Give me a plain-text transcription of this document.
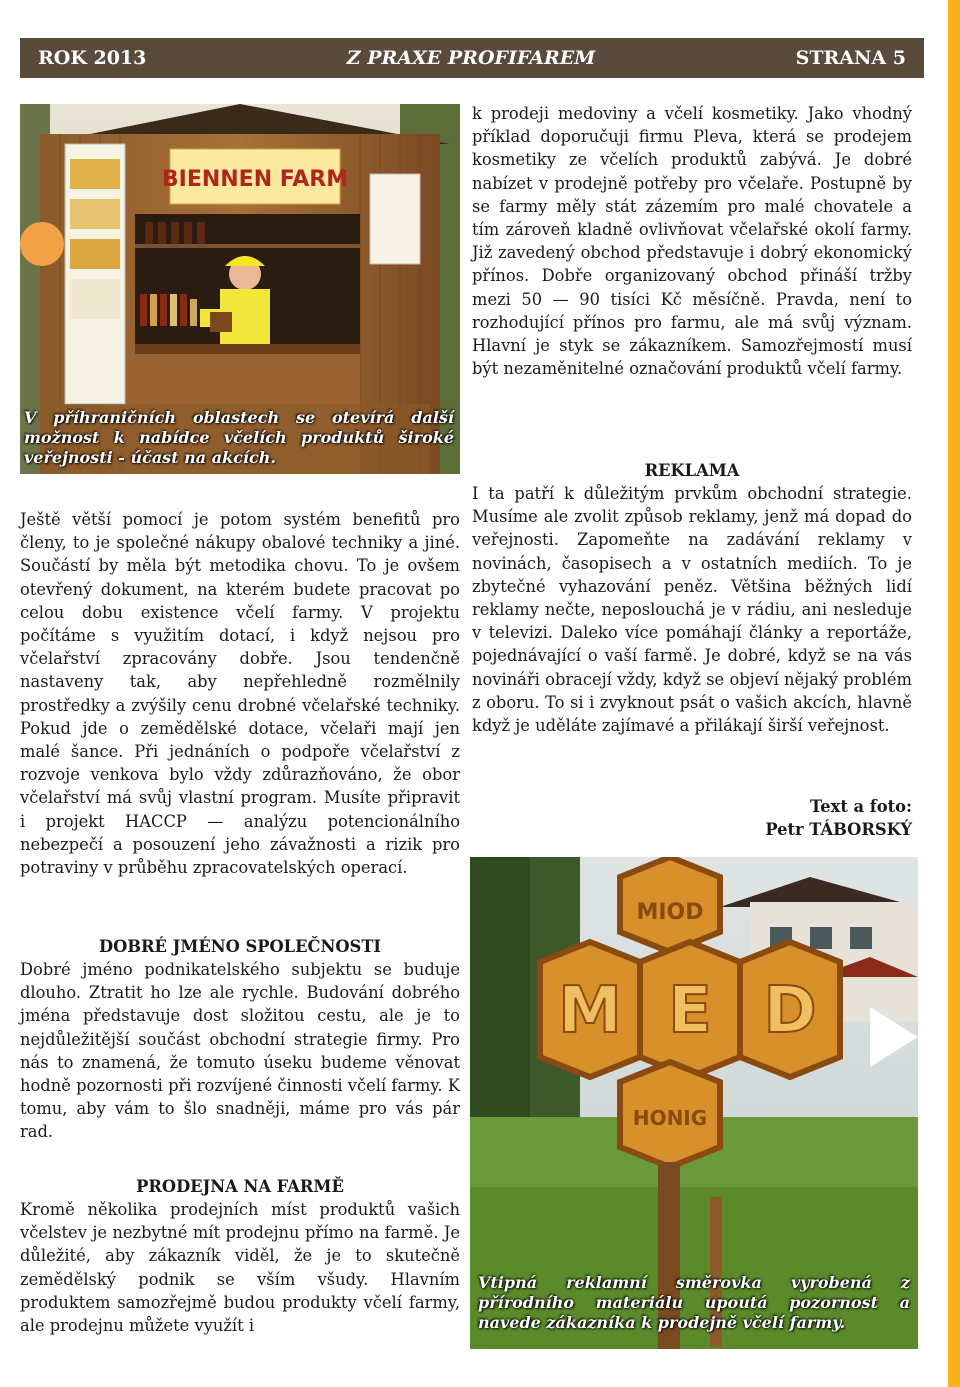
ROK 2013	Z PRAXE PROFIFAREM	STRANA 5
BIENNEN FARM
V příhraničních oblastech se otevírá další možnost k nabídce včelích produktů široké veřejnosti - účast na akcích.

Ještě větší pomocí je potom systém benefitů pro členy, to je společné nákupy obalové techniky a jiné. Součástí by měla být metodika chovu. To je ovšem otevřený dokument, na kterém budete pracovat po celou dobu existence včelí farmy. V projektu počítáme s využitím dotací, i když nejsou pro včelařství zpracovány dobře. Jsou tendenčně nastaveny tak, aby nepřehledně rozmělnily prostředky a zvýšily cenu drobné včelařské techniky. Pokud jde o zemědělské dotace, včelaři mají jen malé šance. Při jednáních o podpoře včelařství z rozvoje venkova bylo vždy zdůrazňováno, že obor včelařství má svůj vlastní program. Musíte připravit i projekt HACCP — analýzu potencionálního nebezpečí a posouzení jeho závažnosti a rizik pro potraviny v průběhu zpracovatelských operací.

DOBRÉ JMÉNO SPOLEČNOSTI

Dobré jméno podnikatelského subjektu se buduje dlouho. Ztratit ho lze ale rychle. Budování dobrého jména představuje dost složitou cestu, ale je to nejdůležitější součást obchodní strategie firmy. Pro nás to znamená, že tomuto úseku budeme věnovat hodně pozornosti při rozvíjené činnosti včelí farmy. K tomu, aby vám to šlo snadněji, máme pro vás pár rad.

PRODEJNA NA FARMĚ

Kromě několika prodejních míst produktů vašich včelstev je nezbytné mít prodejnu přímo na farmě. Je důležité, aby zákazník viděl, že je to skutečně zemědělský podnik se vším všudy. Hlavním produktem samozřejmě budou produkty včelí farmy, ale prodejnu můžete využít i

k prodeji medoviny a včelí kosmetiky. Jako vhodný příklad doporučuji firmu Pleva, která se prodejem kosmetiky ze včelích produktů zabývá. Je dobré nabízet v prodejně potřeby pro včelaře. Postupně by se farmy měly stát zázemím pro malé chovatele a tím zároveň kladně ovlivňovat včelařské okolí farmy. Již zavedený obchod představuje i dobrý ekonomický přínos. Dobře organizovaný obchod přináší tržby mezi 50 — 90 tisíci Kč měsíčně. Pravda, není to rozhodující přínos pro farmu, ale má svůj význam. Hlavní je styk se zákazníkem. Samozřejmostí musí být nezaměnitelné označování produktů včelí farmy.

REKLAMA

I ta patří k důležitým prvkům obchodní strategie. Musíme ale zvolit způsob reklamy, jenž má dopad do veřejnosti. Zapomeňte na zadávání reklamy v novinách, časopisech a v ostatních mediích. To je zbytečné vyhazování peněz. Většina běžných lidí reklamy nečte, neposlouchá je v rádiu, ani nesleduje v televizi. Daleko více pomáhají články a reportáže, pojednávající o vaší farmě. Je dobré, když se na vás novináři obracejí vždy, když se objeví nějaký problém z oboru. To si i zvyknout psát o vašich akcích, hlavně když je uděláte zajímavé a přilákají širší veřejnost.

Text a foto:

Petr TÁBORSKÝ

MIOD
M E D
HONIG
Vtipná reklamní směrovka vyrobená z přírodního materiálu upoutá pozornost a navede zákazníka k prodejně včelí farmy.
